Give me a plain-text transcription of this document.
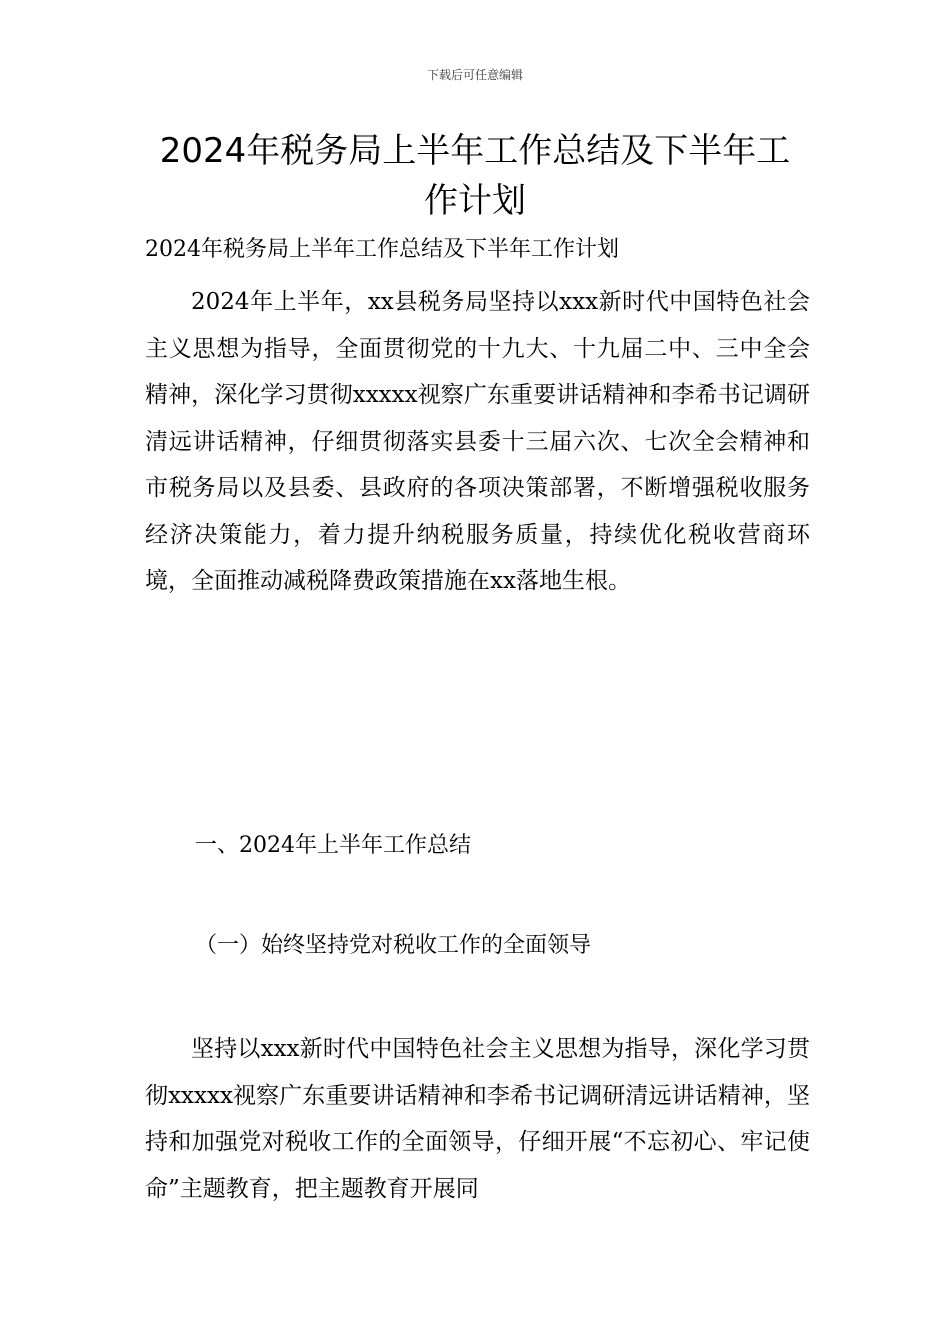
下载后可任意编辑
2024年税务局上半年工作总结及下半年工作计划
2024年税务局上半年工作总结及下半年工作计划

2024年上半年，xx县税务局坚持以xxx新时代中国特色社会主义思想为指导，全面贯彻党的十九大、十九届二中、三中全会精神，深化学习贯彻xxxxx视察广东重要讲话精神和李希书记调研清远讲话精神，仔细贯彻落实县委十三届六次、七次全会精神和市税务局以及县委、县政府的各项决策部署，不断增强税收服务经济决策能力，着力提升纳税服务质量，持续优化税收营商环境，全面推动减税降费政策措施在xx落地生根。

一、2024年上半年工作总结
（一）始终坚持党对税收工作的全面领导

坚持以xxx新时代中国特色社会主义思想为指导，深化学习贯彻xxxxx视察广东重要讲话精神和李希书记调研清远讲话精神，坚持和加强党对税收工作的全面领导，仔细开展“不忘初心、牢记使命”主题教育，把主题教育开展同
